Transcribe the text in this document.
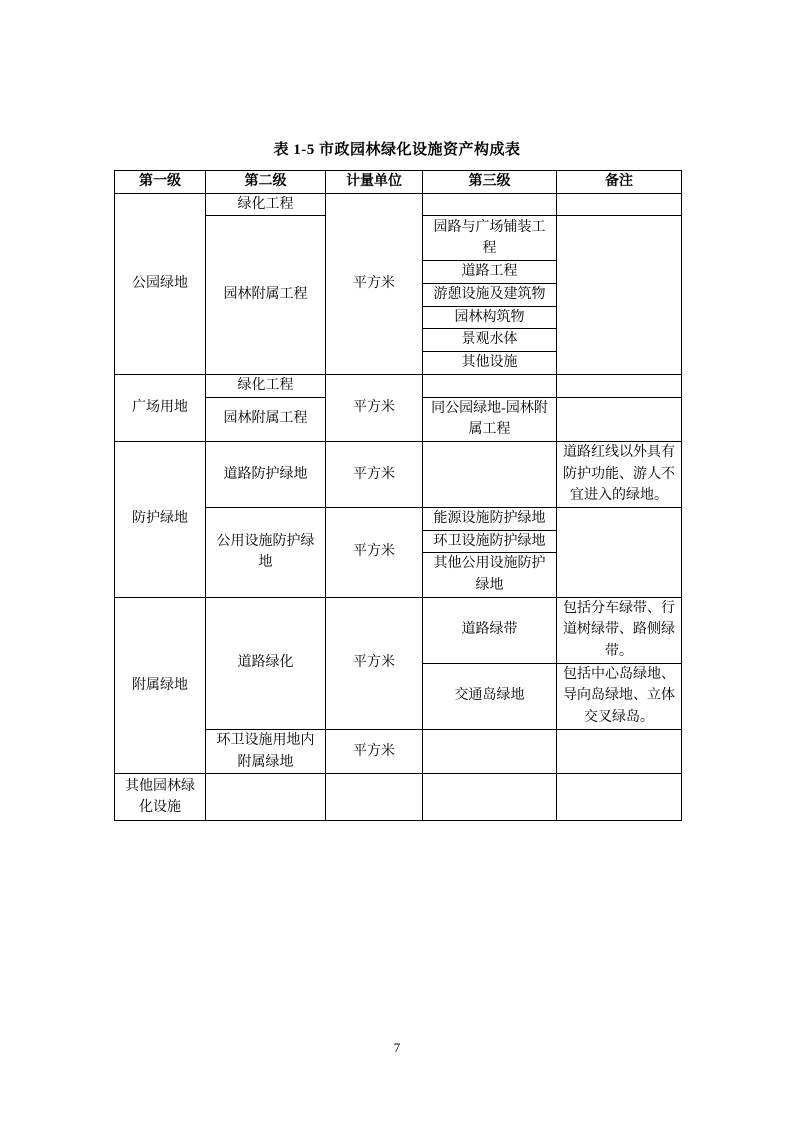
表 1-5 市政园林绿化设施资产构成表
第一级	第二级	计量单位	第三级	备注
公园绿地	绿化工程	平方米		
	园林附属工程		园路与广场铺装工程	
			道路工程	
			游憩设施及建筑物	
			园林构筑物	
			景观水体	
			其他设施	
广场用地	绿化工程	平方米		
	园林附属工程		同公园绿地-园林附属工程	
防护绿地	道路防护绿地	平方米		道路红线以外具有防护功能、游人不宜进入的绿地。
	公用设施防护绿地	平方米	能源设施防护绿地	
			环卫设施防护绿地	
			其他公用设施防护绿地	
附属绿地	道路绿化	平方米	道路绿带	包括分车绿带、行道树绿带、路侧绿带。
			交通岛绿地	包括中心岛绿地、导向岛绿地、立体交叉绿岛。
	环卫设施用地内附属绿地	平方米		
其他园林绿化设施				
7
